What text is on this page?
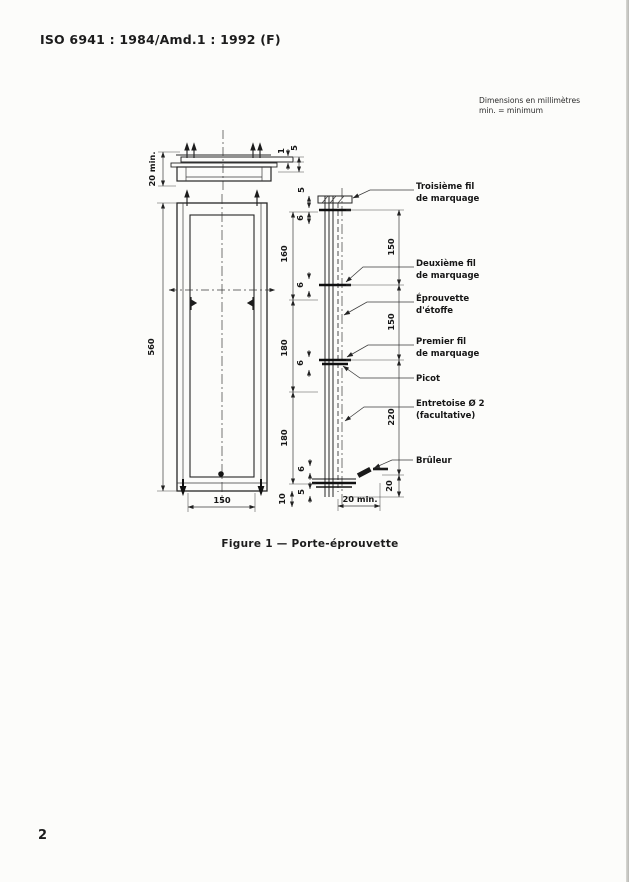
ISO 6941 : 1984/Amd.1 : 1992 (F)
Dimensions en millimètres
min. = minimum
20 min.
1
5
560
150
5
6
160
6
180
6
180
6
5
10
150
150
220
20
20 min.
Troisième fil
de marquage
Deuxième fil
de marquage
Éprouvette
d'étoffe
Premier fil
de marquage
Picot
Entretoise Ø 2
(facultative)
Brûleur
Figure 1 — Porte-éprouvette
2
